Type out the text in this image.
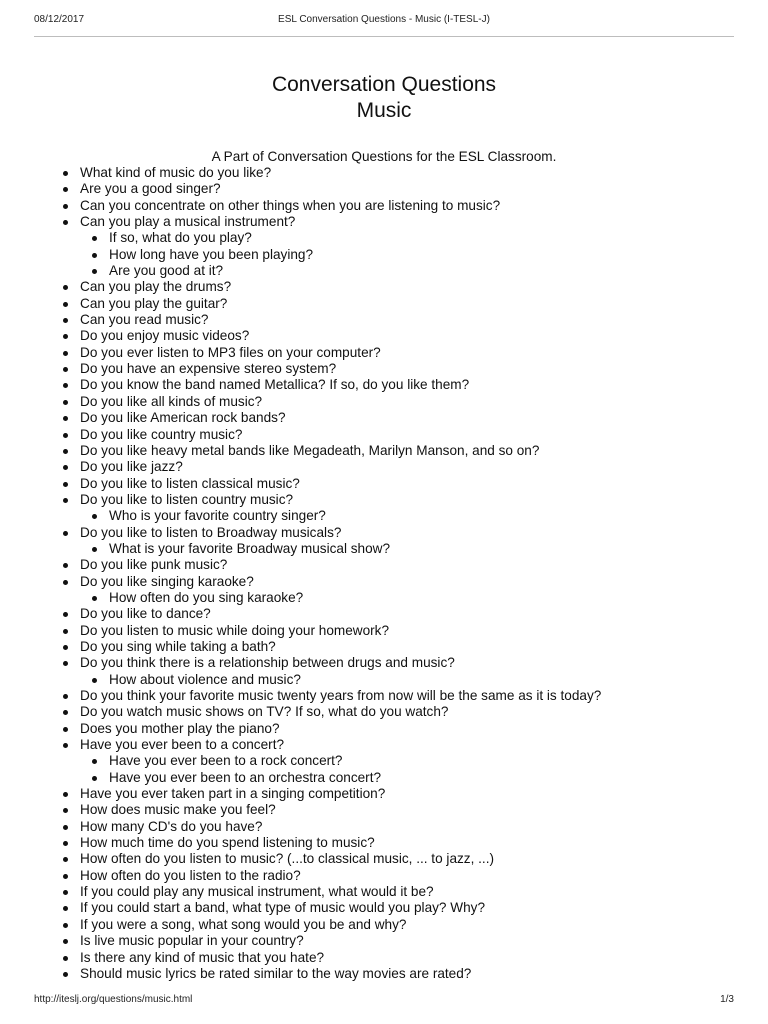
08/12/2017	ESL Conversation Questions - Music (I-TESL-J)
Conversation Questions
Music

A Part of Conversation Questions for the ESL Classroom.

What kind of music do you like?
Are you a good singer?
Can you concentrate on other things when you are listening to music?
Can you play a musical instrument?
If so, what do you play?
How long have you been playing?
Are you good at it?
Can you play the drums?
Can you play the guitar?
Can you read music?
Do you enjoy music videos?
Do you ever listen to MP3 files on your computer?
Do you have an expensive stereo system?
Do you know the band named Metallica? If so, do you like them?
Do you like all kinds of music?
Do you like American rock bands?
Do you like country music?
Do you like heavy metal bands like Megadeath, Marilyn Manson, and so on?
Do you like jazz?
Do you like to listen classical music?
Do you like to listen country music?
Who is your favorite country singer?
Do you like to listen to Broadway musicals?
What is your favorite Broadway musical show?
Do you like punk music?
Do you like singing karaoke?
How often do you sing karaoke?
Do you like to dance?
Do you listen to music while doing your homework?
Do you sing while taking a bath?
Do you think there is a relationship between drugs and music?
How about violence and music?
Do you think your favorite music twenty years from now will be the same as it is today?
Do you watch music shows on TV? If so, what do you watch?
Does you mother play the piano?
Have you ever been to a concert?
Have you ever been to a rock concert?
Have you ever been to an orchestra concert?
Have you ever taken part in a singing competition?
How does music make you feel?
How many CD's do you have?
How much time do you spend listening to music?
How often do you listen to music? (...to classical music, ... to jazz, ...)
How often do you listen to the radio?
If you could play any musical instrument, what would it be?
If you could start a band, what type of music would you play? Why?
If you were a song, what song would you be and why?
Is live music popular in your country?
Is there any kind of music that you hate?
Should music lyrics be rated similar to the way movies are rated?
http://iteslj.org/questions/music.html	1/3
